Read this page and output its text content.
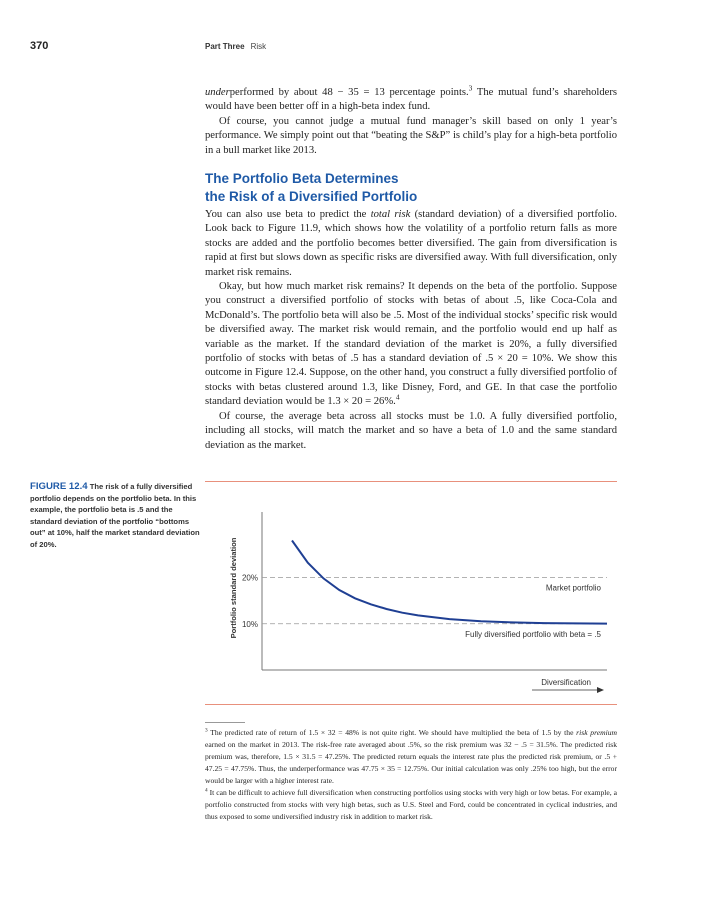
370	Part Three Risk

underperformed by about 48 − 35 = 13 percentage points.$^3$ The mutual fund’s shareholders would have been better off in a high-beta index fund.

Of course, you cannot judge a mutual fund manager’s skill based on only 1 year’s performance. We simply point out that “beating the S&P” is child’s play for a high-beta portfolio in a bull market like 2013.

The Portfolio Beta Determines
the Risk of a Diversified Portfolio

You can also use beta to predict the total risk (standard deviation) of a diversified portfolio. Look back to Figure 11.9, which shows how the volatility of a portfolio return falls as more stocks are added and the portfolio becomes better diversified. The gain from diversification is rapid at first but slows down as specific risks are diversified away. With full diversification, only market risk remains.

Okay, but how much market risk remains? It depends on the beta of the portfolio. Suppose you construct a diversified portfolio of stocks with betas of about .5, like Coca-Cola and McDonald’s. The portfolio beta will also be .5. Most of the individual stocks’ specific risk would be diversified away. The market risk would remain, and the portfolio would end up half as variable as the market. If the standard deviation of the market is 20%, a fully diversified portfolio of stocks with betas of .5 has a standard deviation of .5 × 20 = 10%. We show this outcome in Figure 12.4. Suppose, on the other hand, you construct a fully diversified portfolio of stocks with betas clustered around 1.3, like Disney, Ford, and GE. In that case the portfolio standard deviation would be 1.3 × 20 = 26%.$^4$

Of course, the average beta across all stocks must be 1.0. A fully diversified portfolio, including all stocks, will match the market and so have a beta of 1.0 and the same standard deviation as the market.

FIGURE 12.4 The risk of a fully diversified portfolio depends on the portfolio beta. In this example, the portfolio beta is .5 and the standard deviation of the portfolio “bottoms out” at 10%, half the market standard deviation of 20%.	Portfolio standard deviation 20%
Market portfolio
10%
Fully diversified portfolio with beta = .5
Diversification

$^3$ The predicted rate of return of 1.5 × 32 = 48% is not quite right. We should have multiplied the beta of 1.5 by the risk premium earned on the market in 2013. The risk-free rate averaged about .5%, so the risk premium was 32 − .5 = 31.5%. The predicted risk premium was, therefore, 1.5 × 31.5 = 47.25%. The predicted return equals the interest rate plus the predicted risk premium, or .5 + 47.25 = 47.75%. Thus, the underperformance was 47.75 × 35 = 12.75%. Our initial calculation was only .25% too high, but the error would be larger with a higher interest rate.

$^4$ It can be difficult to achieve full diversification when constructing portfolios using stocks with very high or low betas. For example, a portfolio constructed from stocks with very high betas, such as U.S. Steel and Ford, could be concentrated in cyclical industries, and thus exposed to some undiversified industry risk in addition to market risk.
